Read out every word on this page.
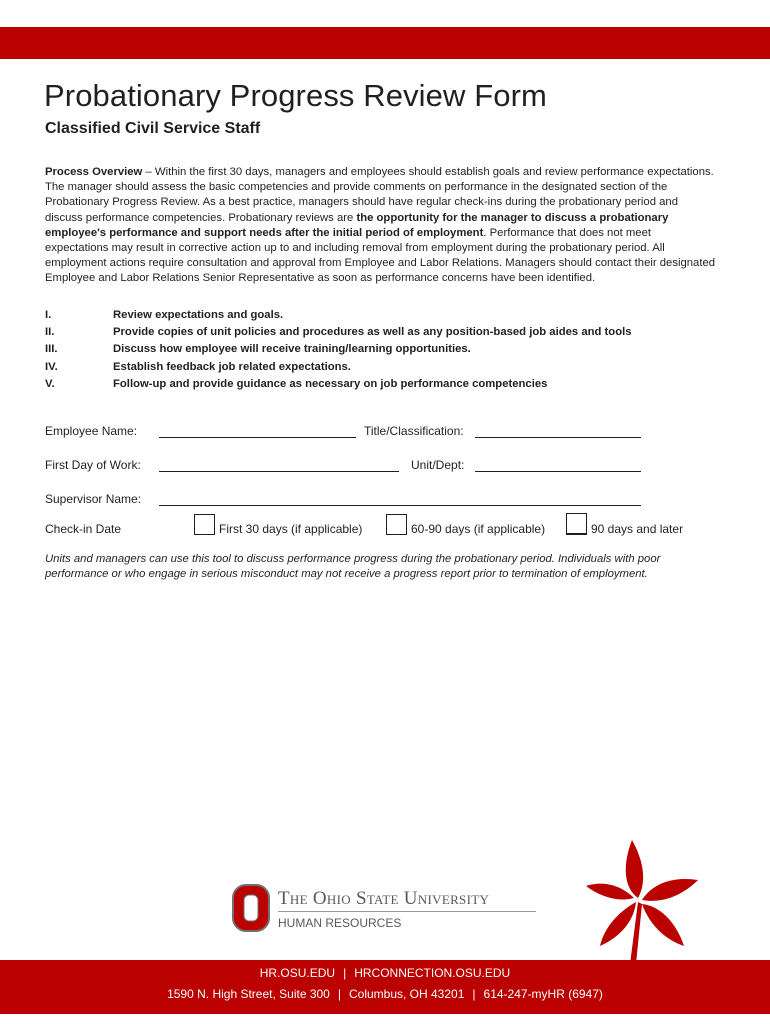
Probationary Progress Review Form
Classified Civil Service Staff

Process Overview – Within the first 30 days, managers and employees should establish goals and review performance expectations. The manager should assess the basic competencies and provide comments on performance in the designated section of the Probationary Progress Review. As a best practice, managers should have regular check-ins during the probationary period and discuss performance competencies. Probationary reviews are the opportunity for the manager to discuss a probationary employee's performance and support needs after the initial period of employment. Performance that does not meet expectations may result in corrective action up to and including removal from employment during the probationary period. All employment actions require consultation and approval from Employee and Labor Relations. Managers should contact their designated Employee and Labor Relations Senior Representative as soon as performance concerns have been identified.

I.	Review expectations and goals.
II.	Provide copies of unit policies and procedures as well as any position-based job aides and tools
III.	Discuss how employee will receive training/learning opportunities.
IV.	Establish feedback job related expectations.
V.	Follow-up and provide guidance as necessary on job performance competencies
Employee Name:	Title/Classification:
First Day of Work:	Unit/Dept:
Supervisor Name:
Check-in Date	First 30 days (if applicable)	60-90 days (if applicable)	90 days and later

Units and managers can use this tool to discuss performance progress during the probationary period. Individuals with poor performance or who engage in serious misconduct may not receive a progress report prior to termination of employment.

The Ohio State University
HUMAN RESOURCES
HR.OSU.EDU | HRCONNECTION.OSU.EDU
1590 N. High Street, Suite 300 | Columbus, OH 43201 | 614-247-myHR (6947)
